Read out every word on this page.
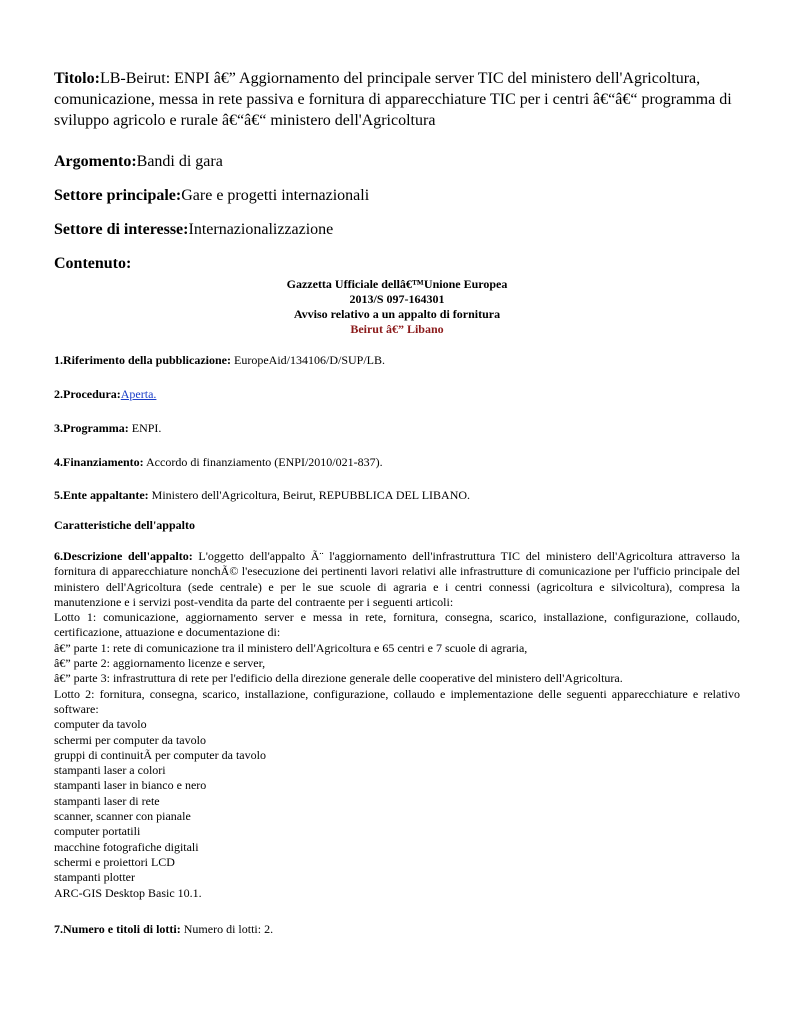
Titolo:LB-Beirut: ENPI â€” Aggiornamento del principale server TIC del ministero dell'Agricoltura, comunicazione, messa in rete passiva e fornitura di apparecchiature TIC per i centri â€“â€“ programma di sviluppo agricolo e rurale â€“â€“ ministero dell'Agricoltura

Argomento:Bandi di gara

Settore principale:Gare e progetti internazionali

Settore di interesse:Internazionalizzazione

Contenuto:

Gazzetta Ufficiale dellâ€™Unione Europea
2013/S 097-164301
Avviso relativo a un appalto di fornitura
Beirut â€” Libano
1.Riferimento della pubblicazione: EuropeAid/134106/D/SUP/LB.
2.Procedura:Aperta.
3.Programma: ENPI.
4.Finanziamento: Accordo di finanziamento (ENPI/2010/021-837).
5.Ente appaltante: Ministero dell'Agricoltura, Beirut, REPUBBLICA DEL LIBANO.
Caratteristiche dell'appalto
6.Descrizione dell'appalto: L'oggetto dell'appalto Ã¨ l'aggiornamento dell'infrastruttura TIC del ministero dell'Agricoltura attraverso la fornitura di apparecchiature nonchÃ© l'esecuzione dei pertinenti lavori relativi alle infrastrutture di comunicazione per l'ufficio principale del ministero dell'Agricoltura (sede centrale) e per le sue scuole di agraria e i centri connessi (agricoltura e silvicoltura), compresa la manutenzione e i servizi post-vendita da parte del contraente per i seguenti articoli:
Lotto 1: comunicazione, aggiornamento server e messa in rete, fornitura, consegna, scarico, installazione, configurazione, collaudo, certificazione, attuazione e documentazione di:
â€” parte 1: rete di comunicazione tra il ministero dell'Agricoltura e 65 centri e 7 scuole di agraria,
â€” parte 2: aggiornamento licenze e server,
â€” parte 3: infrastruttura di rete per l'edificio della direzione generale delle cooperative del ministero dell'Agricoltura.
Lotto 2: fornitura, consegna, scarico, installazione, configurazione, collaudo e implementazione delle seguenti apparecchiature e relativo software:
computer da tavolo
schermi per computer da tavolo
gruppi di continuitÃ per computer da tavolo
stampanti laser a colori
stampanti laser in bianco e nero
stampanti laser di rete
scanner, scanner con pianale
computer portatili
macchine fotografiche digitali
schermi e proiettori LCD
stampanti plotter
ARC-GIS Desktop Basic 10.1.
7.Numero e titoli di lotti: Numero di lotti: 2.
